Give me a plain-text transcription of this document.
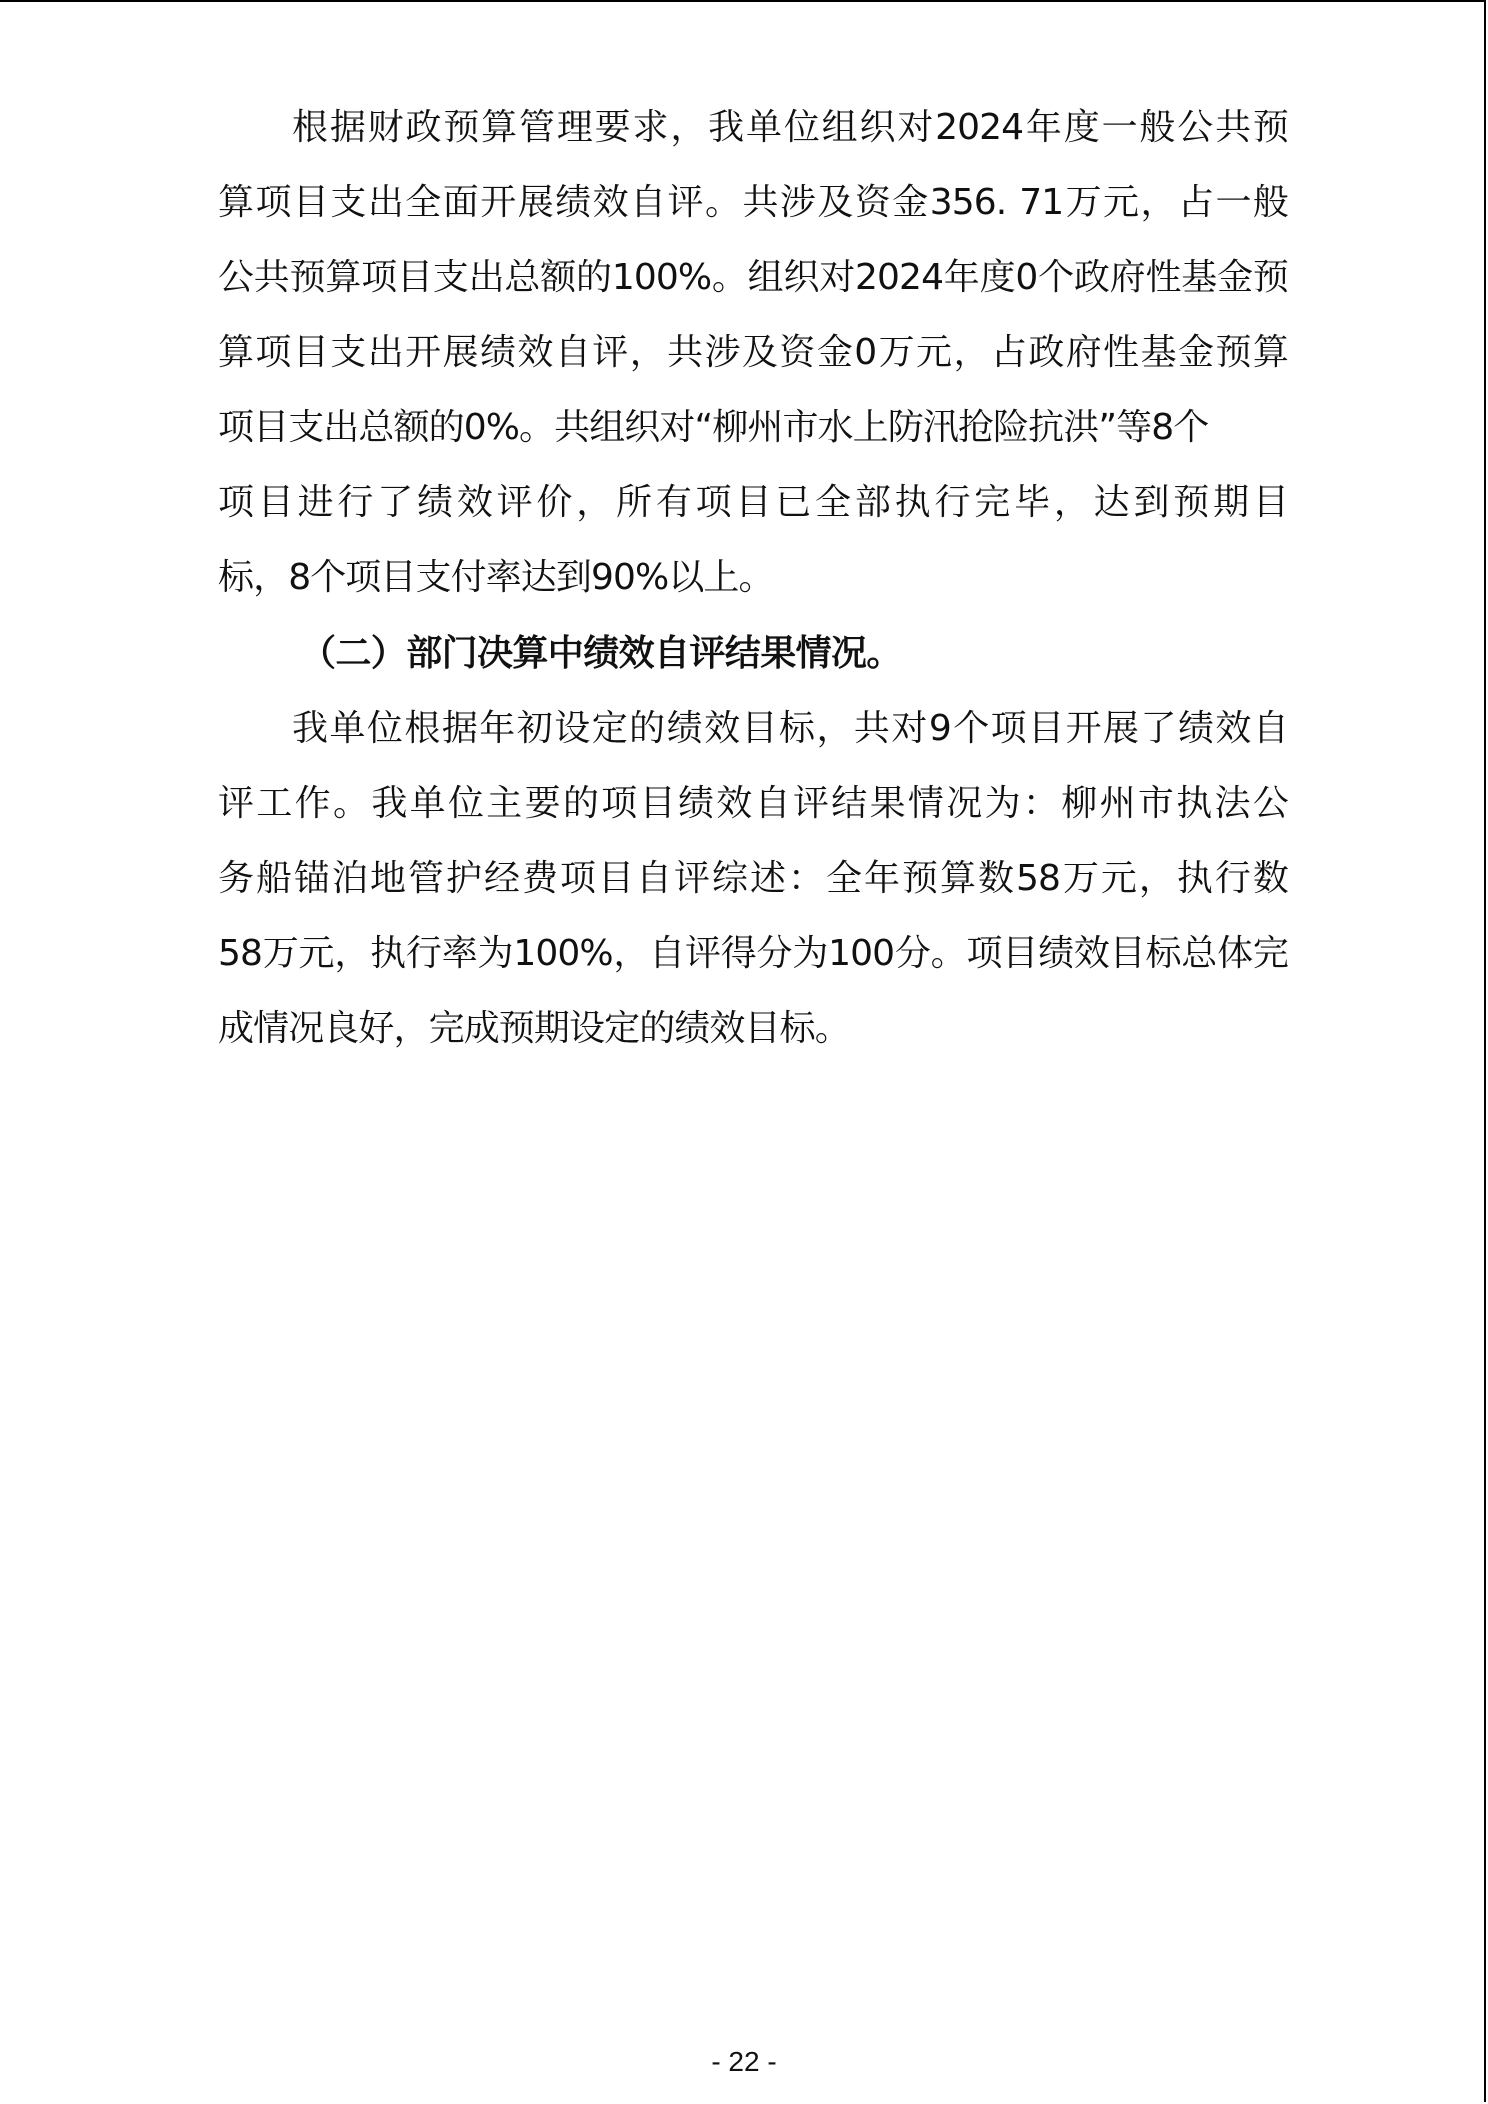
根据财政预算管理要求，我单位组织对2024年度一般公共预
算项目支出全面开展绩效自评。共涉及资金356. 71万元，占一般
公共预算项目支出总额的100%。组织对2024年度0个政府性基金预
算项目支出开展绩效自评，共涉及资金0万元，占政府性基金预算
项目支出总额的0%。共组织对“柳州市水上防汛抢险抗洪”等8个
项目进行了绩效评价，所有项目已全部执行完毕，达到预期目
标，8个项目支付率达到90%以上。
（二）部门决算中绩效自评结果情况。
我单位根据年初设定的绩效目标，共对9个项目开展了绩效自
评工作。我单位主要的项目绩效自评结果情况为：柳州市执法公
务船锚泊地管护经费项目自评综述：全年预算数58万元，执行数
58万元，执行率为100%，自评得分为100分。项目绩效目标总体完
成情况良好，完成预期设定的绩效目标。
- 22 -
